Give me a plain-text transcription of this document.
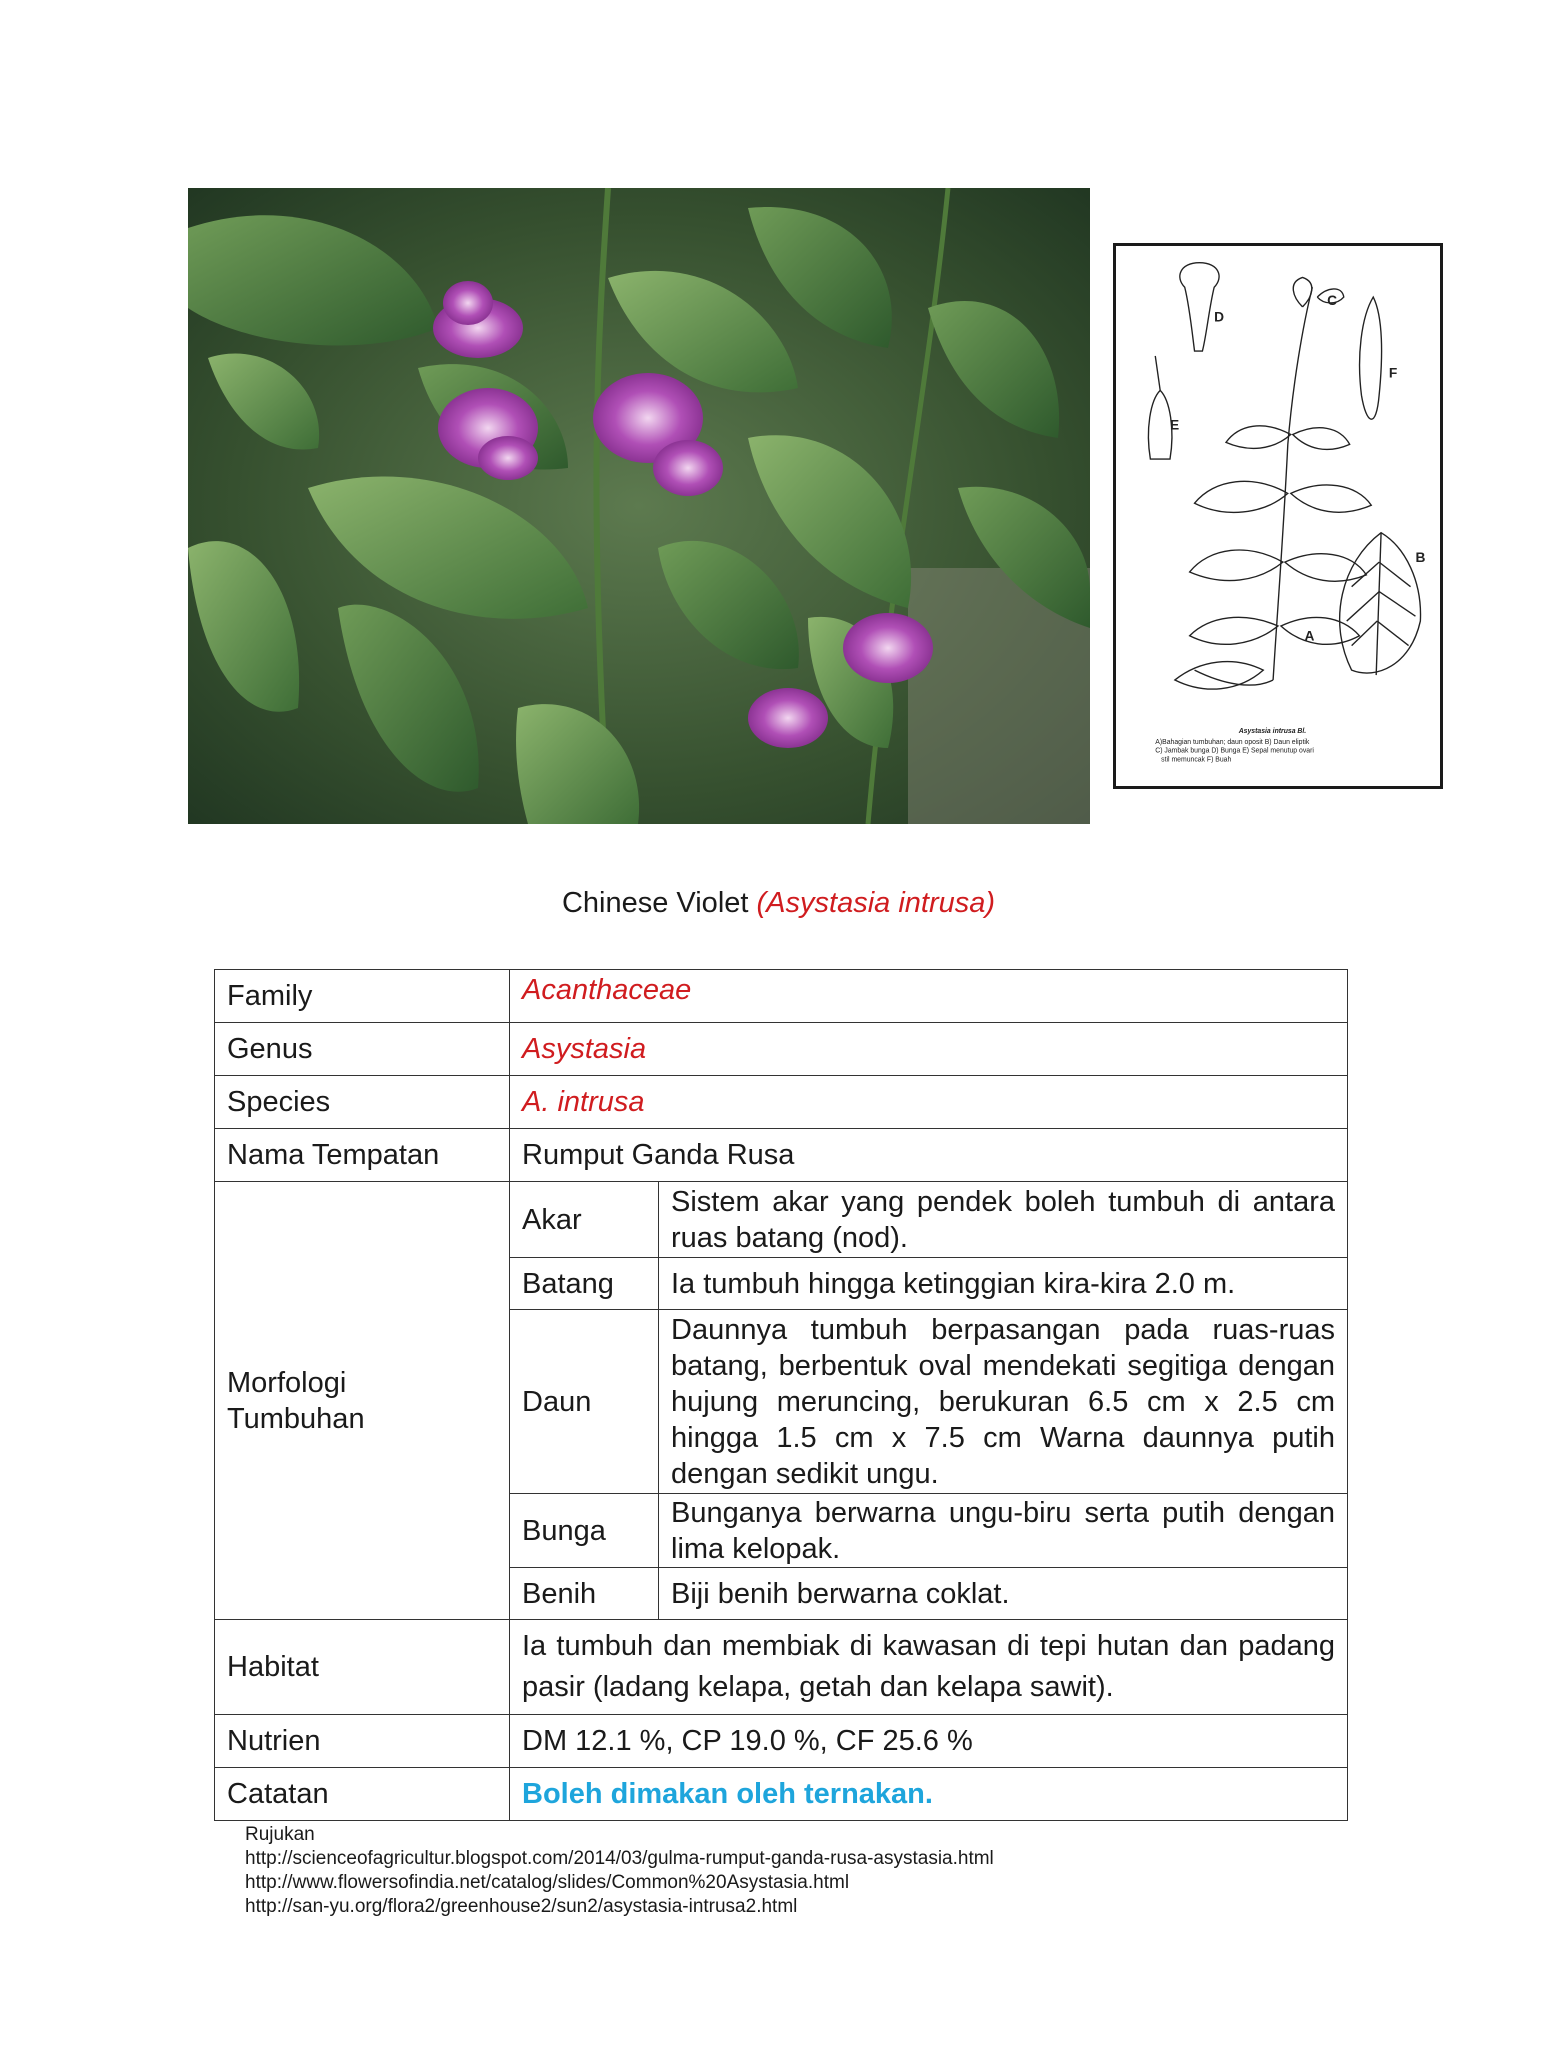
D
C
F
E
B
A
Asystasia intrusa Bl.
A)Bahagian tumbuhan; daun oposit B) Daun eliptik
C) Jambak bunga D) Bunga E) Sepal menutup ovari
stil memuncak F) Buah
Chinese Violet (Asystasia intrusa)
Family	Acanthaceae	
Genus	Asystasia	
Species	A. intrusa	
Nama Tempatan	Rumput Ganda Rusa	

Morfologi
Tumbuhan	Akar	Sistem akar yang pendek boleh tumbuh di antara ruas batang (nod).
	Batang	Ia tumbuh hingga ketinggian kira-kira 2.0 m.
	Daun	Daunnya tumbuh berpasangan pada ruas-ruas batang, berbentuk oval mendekati segitiga dengan hujung meruncing, berukuran 6.5 cm x 2.5 cm hingga 1.5 cm x 7.5 cm Warna daunnya putih dengan sedikit ungu.
	Bunga	Bunganya berwarna ungu-biru serta putih dengan lima kelopak.
	Benih	Biji benih berwarna coklat.
Habitat	Ia tumbuh dan membiak di kawasan di tepi hutan dan padang pasir (ladang kelapa, getah dan kelapa sawit).	
Nutrien	DM 12.1 %, CP 19.0 %, CF 25.6 %	
Catatan	Boleh dimakan oleh ternakan.	
Rujukan
http://scienceofagricultur.blogspot.com/2014/03/gulma-rumput-ganda-rusa-asystasia.html
http://www.flowersofindia.net/catalog/slides/Common%20Asystasia.html
http://san-yu.org/flora2/greenhouse2/sun2/asystasia-intrusa2.html
